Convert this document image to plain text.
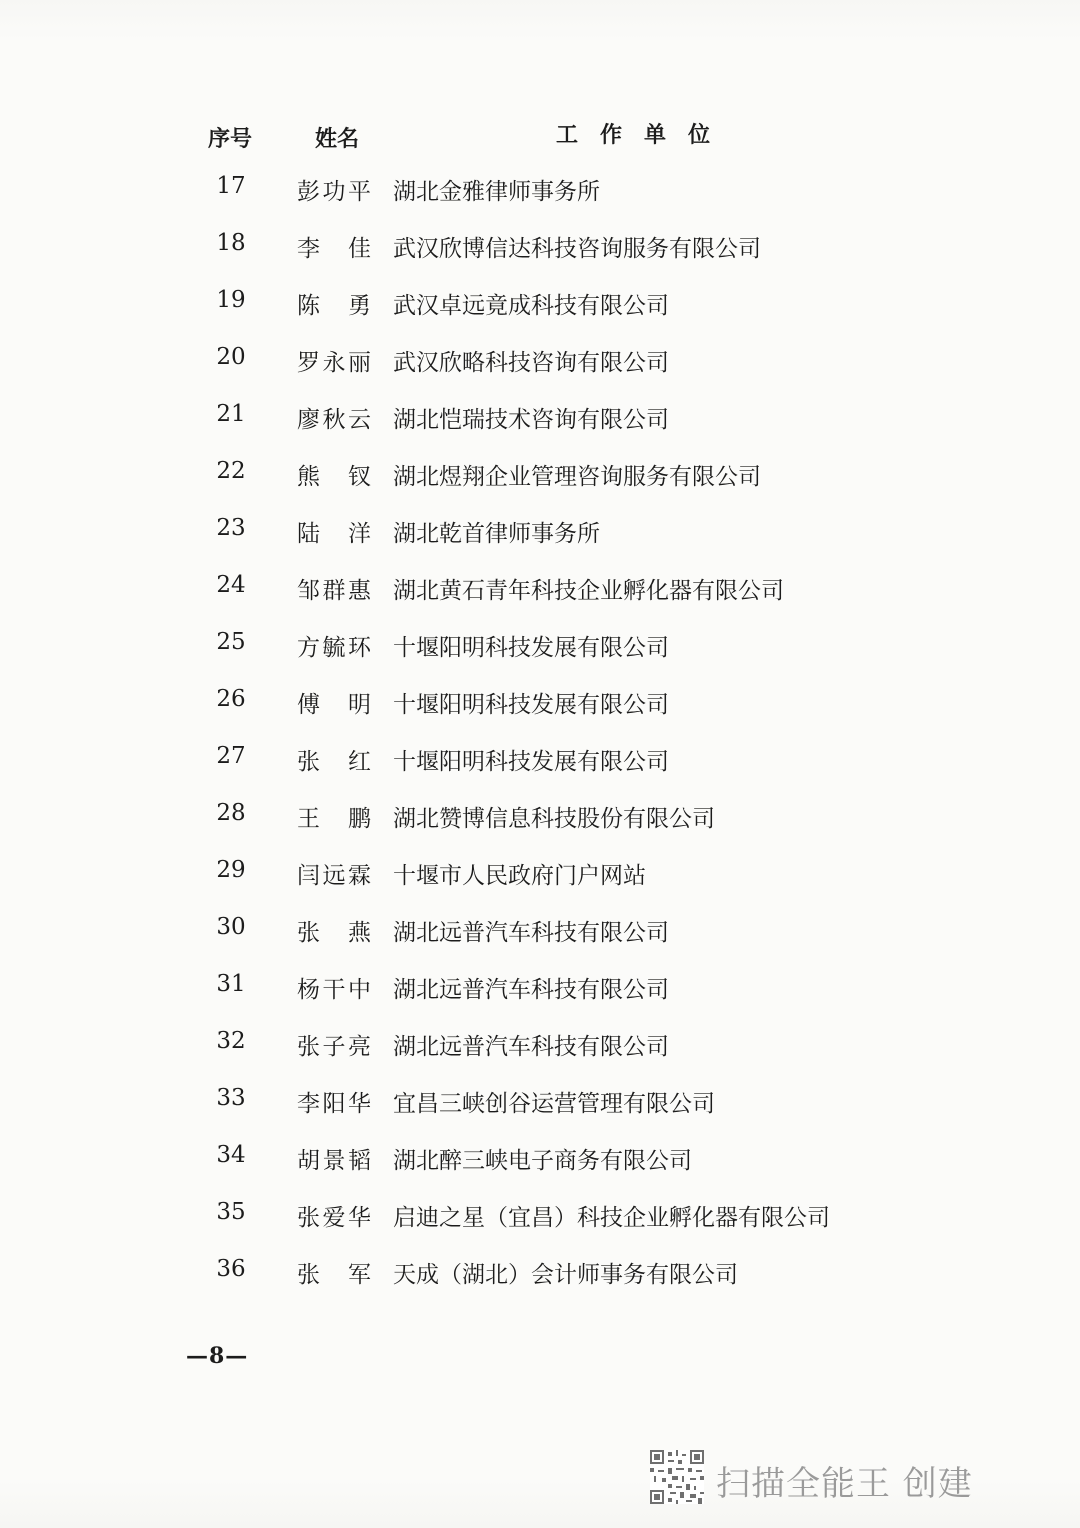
序号	姓名	工作单位
17 彭功平 湖北金雅律师事务所
18 李佳 武汉欣博信达科技咨询服务有限公司
19 陈勇 武汉卓远竟成科技有限公司
20 罗永丽 武汉欣略科技咨询有限公司
21 廖秋云 湖北恺瑞技术咨询有限公司
22 熊钗 湖北煜翔企业管理咨询服务有限公司
23 陆洋 湖北乾首律师事务所
24 邹群惠 湖北黄石青年科技企业孵化器有限公司
25 方毓环 十堰阳明科技发展有限公司
26 傅明 十堰阳明科技发展有限公司
27 张红 十堰阳明科技发展有限公司
28 王鹏 湖北赞博信息科技股份有限公司
29 闫远霖 十堰市人民政府门户网站
30 张燕 湖北远普汽车科技有限公司
31 杨干中 湖北远普汽车科技有限公司
32 张子亮 湖北远普汽车科技有限公司
33 李阳华 宜昌三峡创谷运营管理有限公司
34 胡景韬 湖北醉三峡电子商务有限公司
35 张爱华 启迪之星（宜昌）科技企业孵化器有限公司
36 张军 天成（湖北）会计师事务有限公司
—8—
扫描全能王 创建
